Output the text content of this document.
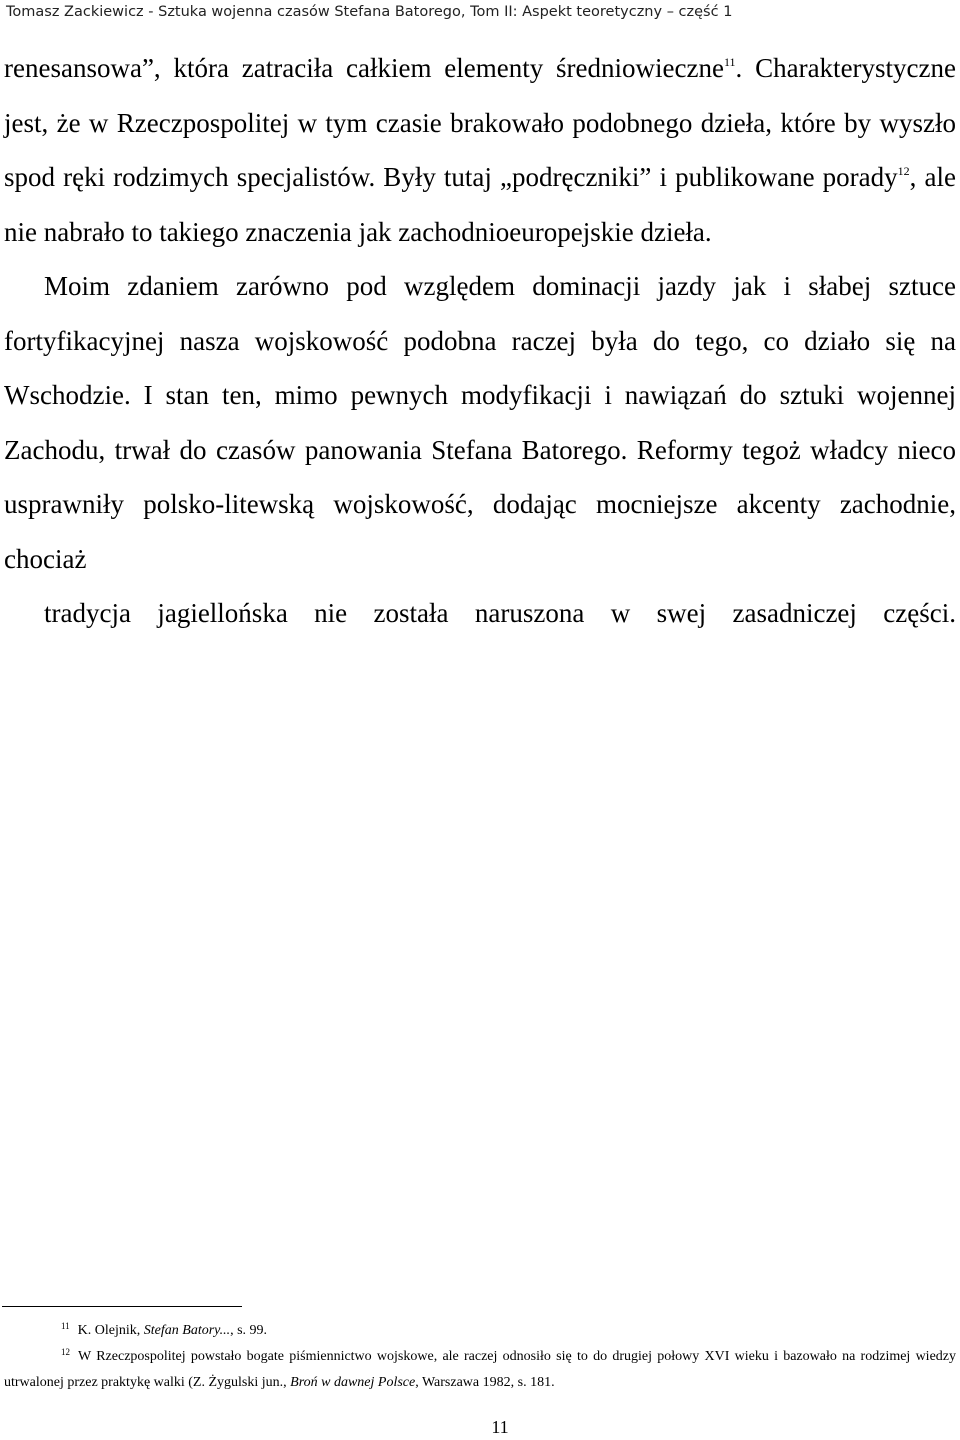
Tomasz Zackiewicz - Sztuka wojenna czasów Stefana Batorego, Tom II: Aspekt teoretyczny – część 1

renesansowa”, która zatraciła całkiem elementy średniowieczne$^{11}$. Charakterystyczne jest, że w Rzeczpospolitej w tym czasie brakowało podobnego dzieła, które by wyszło spod ręki rodzimych specjalistów. Były tutaj „podręczniki” i publikowane porady$^{12}$, ale nie nabrało to takiego znaczenia jak zachodnioeuropejskie dzieła.

Moim zdaniem zarówno pod względem dominacji jazdy jak i słabej sztuce fortyfikacyjnej nasza wojskowość podobna raczej była do tego, co działo się na Wschodzie. I stan ten, mimo pewnych modyfikacji i nawiązań do sztuki wojennej Zachodu, trwał do czasów panowania Stefana Batorego. Reformy tegoż władcy nieco usprawniły polsko-litewską wojskowość, dodając mocniejsze akcenty zachodnie, chociaż
tradycja jagiellońska nie została naruszona w swej zasadniczej części.

$^{11}$ K. Olejnik, Stefan Batory..., s. 99.

$^{12}$ W Rzeczpospolitej powstało bogate piśmiennictwo wojskowe, ale raczej odnosiło się to do drugiej połowy XVI wieku i bazowało na rodzimej wiedzy utrwalonej przez praktykę walki (Z. Żygulski jun., Broń w dawnej Polsce, Warszawa 1982, s. 181.

11
